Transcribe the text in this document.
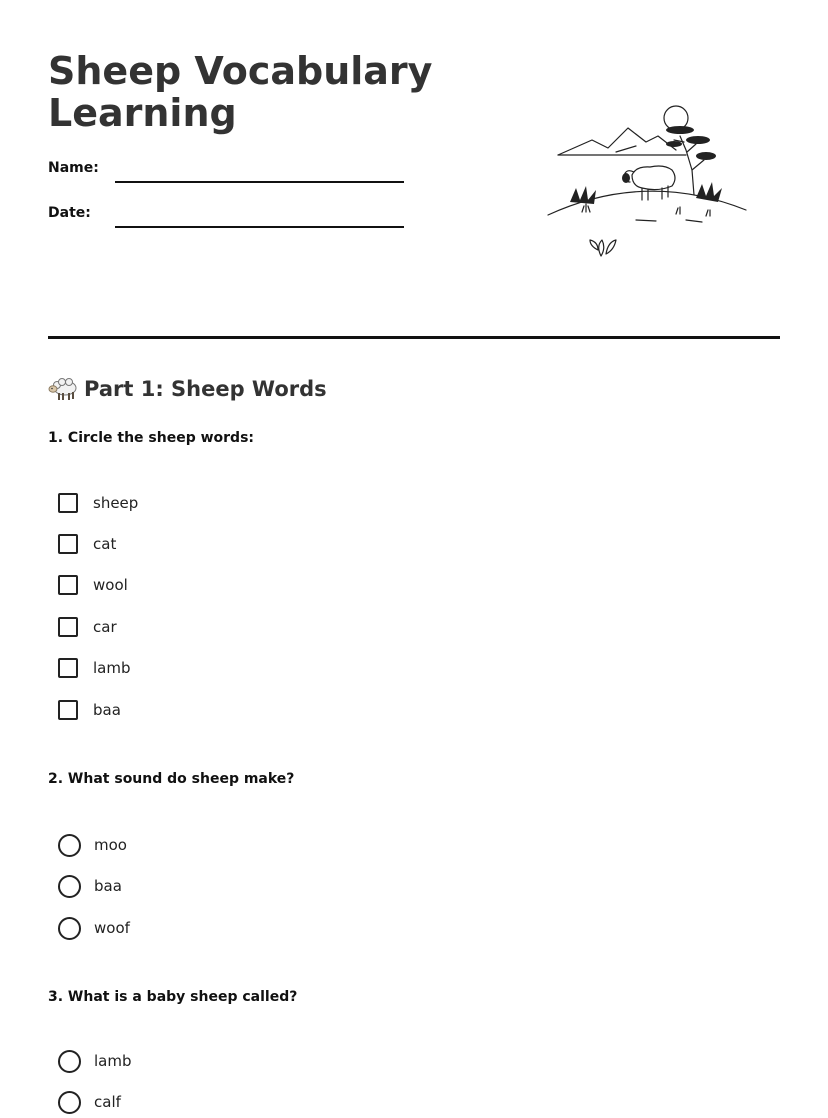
Sheep Vocabulary
Learning
Name:
Date:
Part 1: Sheep Words
1. Circle the sheep words:
sheep
cat
wool
car
lamb
baa
2. What sound do sheep make?
moo
baa
woof
3. What is a baby sheep called?
lamb
calf
